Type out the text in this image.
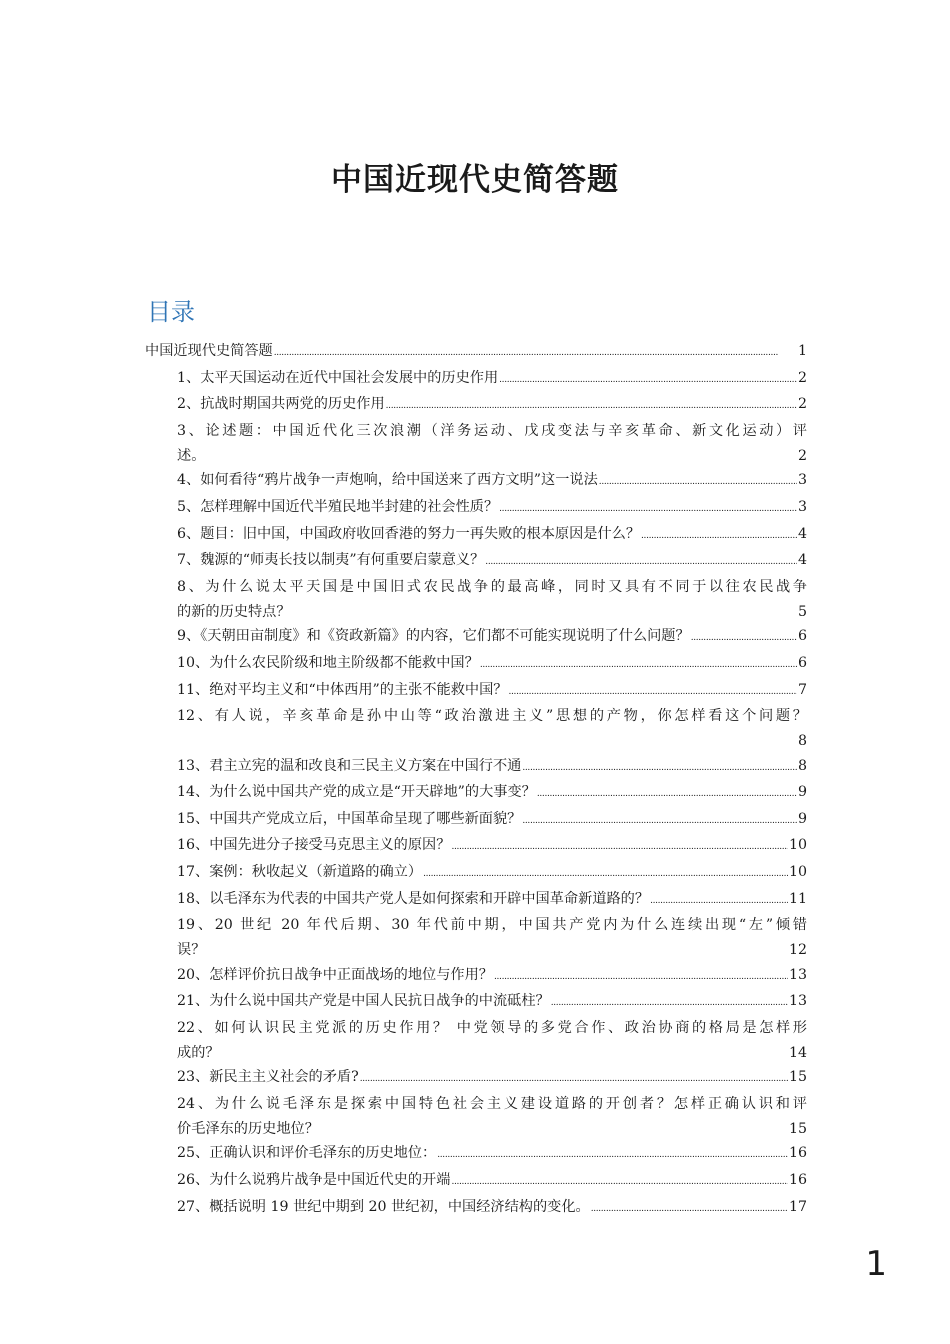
中国近现代史简答题
目录
中国近现代史简答题 . . .	1
1、太平天国运动在近代中国社会发展中的历史作用 . . .	2
2、抗战时期国共两党的历史作用 . . .	2
3、论述题：中国近代化三次浪潮（洋务运动、戊戌变法与辛亥革命、新文化运动）评
述。	2
4、如何看待“鸦片战争一声炮响，给中国送来了西方文明”这一说法 . . .	3
5、怎样理解中国近代半殖民地半封建的社会性质？ . . .	3
6、题目：旧中国，中国政府收回香港的努力一再失败的根本原因是什么？ . . .	4
7、魏源的“师夷长技以制夷”有何重要启蒙意义？ . . .	4
8、为什么说太平天国是中国旧式农民战争的最高峰，同时又具有不同于以往农民战争
的新的历史特点？	5
9、《天朝田亩制度》和《资政新篇》的内容，它们都不可能实现说明了什么问题？ . . .	6
10、为什么农民阶级和地主阶级都不能救中国？ . . .	6
11、绝对平均主义和“中体西用”的主张不能救中国？ . . .	7
12、有人说，辛亥革命是孙中山等“政治激进主义”思想的产物，你怎样看这个问题？
8
13、君主立宪的温和改良和三民主义方案在中国行不通 . . .	8
14、为什么说中国共产党的成立是“开天辟地”的大事变？ . . .	9
15、中国共产党成立后，中国革命呈现了哪些新面貌？ . . .	9
16、中国先进分子接受马克思主义的原因？ . . .	10
17、案例：秋收起义（新道路的确立） . . .	10
18、以毛泽东为代表的中国共产党人是如何探索和开辟中国革命新道路的？ . . .	11
19、20 世纪 20 年代后期、30 年代前中期，中国共产党内为什么连续出现“左”倾错
误？	12
20、怎样评价抗日战争中正面战场的地位与作用？ . . .	13
21、为什么说中国共产党是中国人民抗日战争的中流砥柱？ . . .	13
22、如何认识民主党派的历史作用？ 中党领导的多党合作、政治协商的格局是怎样形
成的？	14
23、新民主主义社会的矛盾? . . .	15
24、为什么说毛泽东是探索中国特色社会主义建设道路的开创者？怎样正确认识和评
价毛泽东的历史地位？	15
25、正确认识和评价毛泽东的历史地位： . . .	16
26、为什么说鸦片战争是中国近代史的开端 . . .	16
27、概括说明 19 世纪中期到 20 世纪初，中国经济结构的变化。 . . .	17
1
